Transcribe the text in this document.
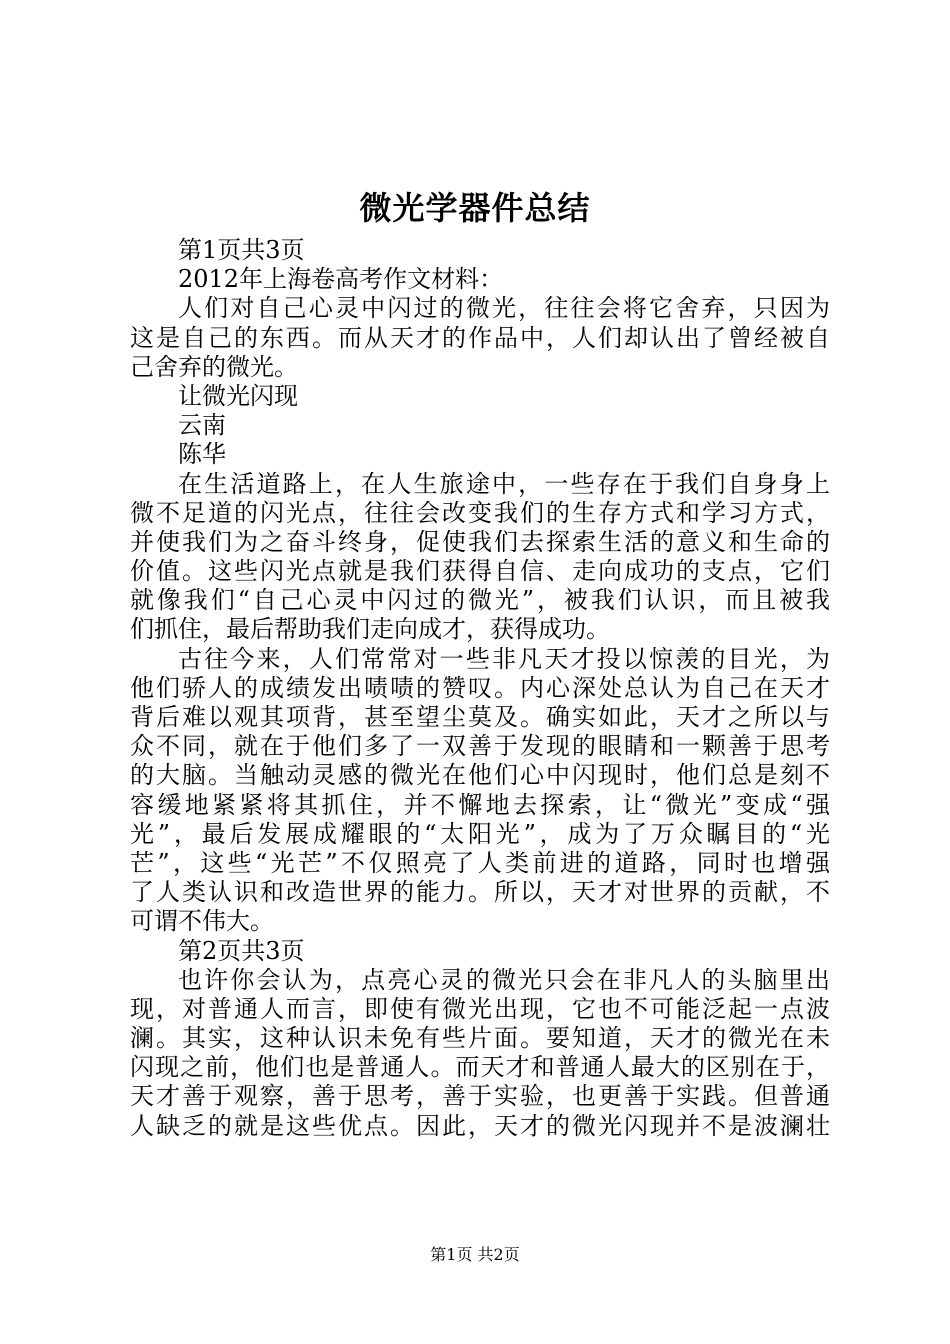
微光学器件总结
第1页共3页
2012年上海卷高考作文材料：
人们对自己心灵中闪过的微光，往往会将它舍弃，只因为
这是自己的东西。而从天才的作品中，人们却认出了曾经被自
己舍弃的微光。
让微光闪现
云南
陈华
在生活道路上，在人生旅途中，一些存在于我们自身身上
微不足道的闪光点，往往会改变我们的生存方式和学习方式，
并使我们为之奋斗终身，促使我们去探索生活的意义和生命的
价值。这些闪光点就是我们获得自信、走向成功的支点，它们
就像我们“自己心灵中闪过的微光”，被我们认识，而且被我
们抓住，最后帮助我们走向成才，获得成功。
古往今来，人们常常对一些非凡天才投以惊羡的目光，为
他们骄人的成绩发出啧啧的赞叹。内心深处总认为自己在天才
背后难以观其项背，甚至望尘莫及。确实如此，天才之所以与
众不同，就在于他们多了一双善于发现的眼睛和一颗善于思考
的大脑。当触动灵感的微光在他们心中闪现时，他们总是刻不
容缓地紧紧将其抓住，并不懈地去探索，让“微光”变成“强
光”，最后发展成耀眼的“太阳光”，成为了万众瞩目的“光
芒”，这些“光芒”不仅照亮了人类前进的道路，同时也增强
了人类认识和改造世界的能力。所以，天才对世界的贡献，不
可谓不伟大。
第2页共3页
也许你会认为，点亮心灵的微光只会在非凡人的头脑里出
现，对普通人而言，即使有微光出现，它也不可能泛起一点波
澜。其实，这种认识未免有些片面。要知道，天才的微光在未
闪现之前，他们也是普通人。而天才和普通人最大的区别在于，
天才善于观察，善于思考，善于实验，也更善于实践。但普通
人缺乏的就是这些优点。因此，天才的微光闪现并不是波澜壮
第1页 共2页
